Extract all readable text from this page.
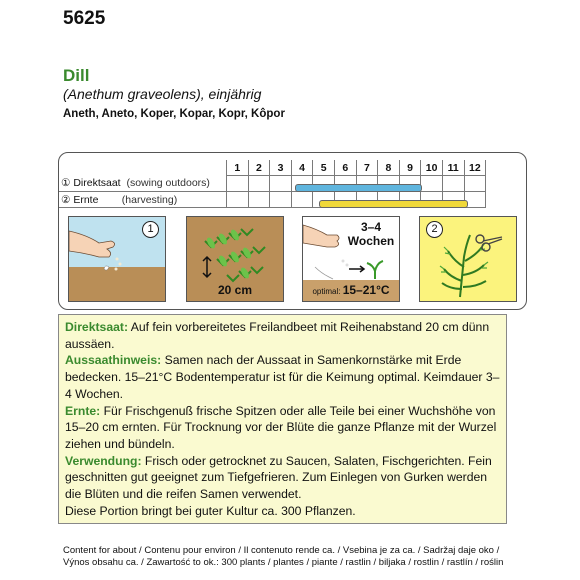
5625
Dill
(Anethum graveolens), einjährig
Aneth, Aneto, Koper, Kopar, Kopr, Kôpor
	1	2	3	4	5	6	7	8	9	10	11	12
① Direktsaat (sowing outdoors)												
② Ernte (harvesting)												
1
20 cm
3–4 Wochen
optimal: 15–21°C
2

Direktsaat: Auf fein vorbereitetes Freilandbeet mit Reihenabstand 20 cm dünn aussäen.

Aussaathinweis: Samen nach der Aussaat in Samenkornstärke mit Erde bedecken. 15–21°C Bodentemperatur ist für die Keimung optimal. Keimdauer 3–4 Wochen.

Ernte: Für Frischgenuß frische Spitzen oder alle Teile bei einer Wuchshöhe von 15–20 cm ernten. Für Trocknung vor der Blüte die ganze Pflanze mit der Wurzel ziehen und bündeln.

Verwendung: Frisch oder getrocknet zu Saucen, Salaten, Fischgerichten. Fein geschnitten gut geeignet zum Tiefgefrieren. Zum Einlegen von Gurken werden die Blüten und die reifen Samen verwendet.

Diese Portion bringt bei guter Kultur ca. 300 Pflanzen.

Content for about / Contenu pour environ / Il contenuto rende ca. / Vsebina je za ca. / Sadržaj daje oko /
Výnos obsahu ca. / Zawartość to ok.: 300 plants / plantes / piante / rastlin / biljaka / rostlin / rastlín / roślin
